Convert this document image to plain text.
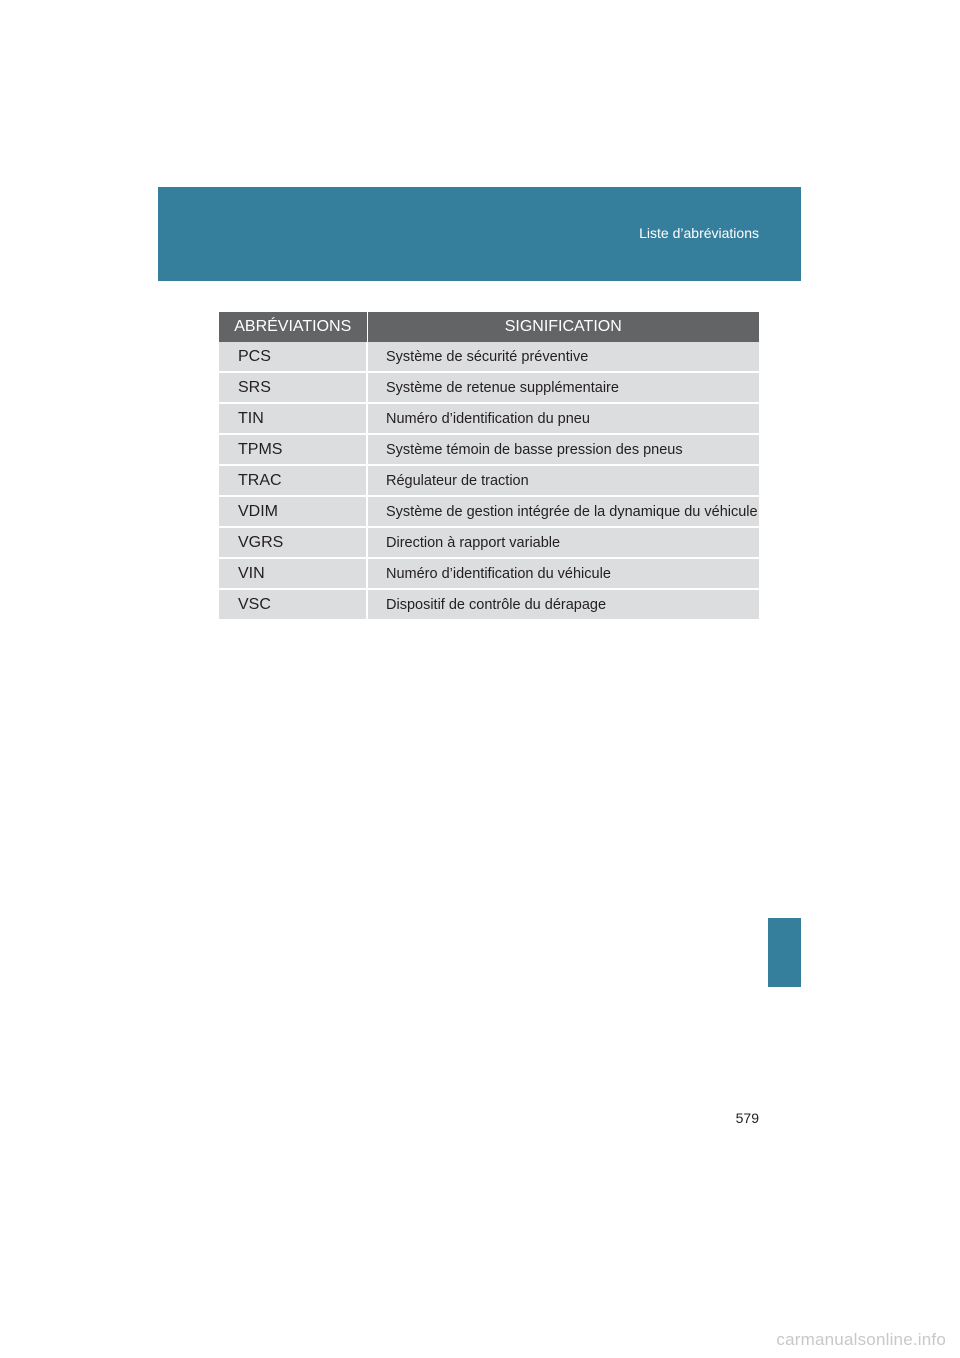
Liste d’abréviations
ABRÉVIATIONS	SIGNIFICATION
PCS	Système de sécurité préventive
SRS	Système de retenue supplémentaire
TIN	Numéro d’identification du pneu
TPMS	Système témoin de basse pression des pneus
TRAC	Régulateur de traction
VDIM	Système de gestion intégrée de la dynamique du véhicule
VGRS	Direction à rapport variable
VIN	Numéro d’identification du véhicule
VSC	Dispositif de contrôle du dérapage
579
carmanualsonline.info
